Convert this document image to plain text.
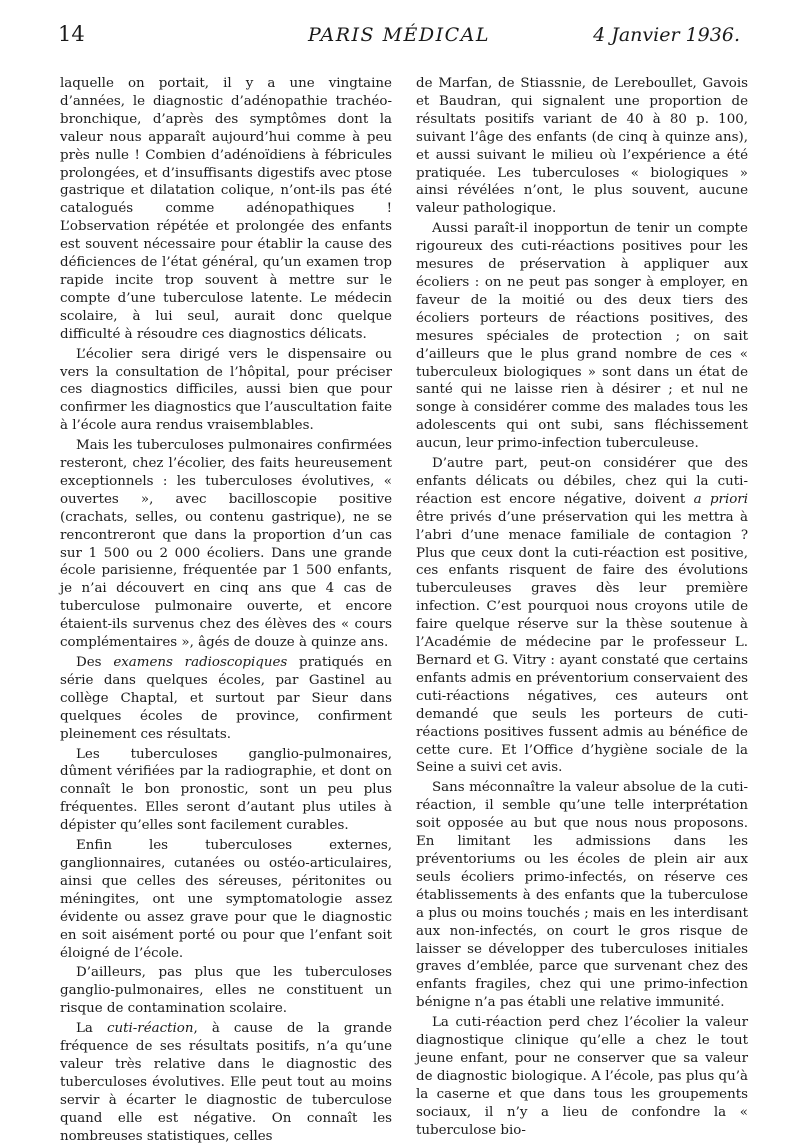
14	PARIS MÉDICAL	4 Janvier 1936.

laquelle on portait, il y a une vingtaine d’années, le diagnostic d’adénopathie trachéo-bronchique, d’après des symptômes dont la valeur nous apparaît aujourd’hui comme à peu près nulle ! Combien d’adénoïdiens à fébricules prolongées, et d’insuffisants digestifs avec ptose gastrique et dilatation colique, n’ont-ils pas été catalogués comme adénopathiques ! L’observation répétée et prolongée des enfants est souvent nécessaire pour établir la cause des déficiences de l’état général, qu’un examen trop rapide incite trop souvent à mettre sur le compte d’une tuberculose latente. Le médecin scolaire, à lui seul, aurait donc quelque difficulté à résoudre ces diagnostics délicats.

L’écolier sera dirigé vers le dispensaire ou vers la consultation de l’hôpital, pour préciser ces diagnostics difficiles, aussi bien que pour confirmer les diagnostics que l’auscultation faite à l’école aura rendus vraisemblables.

Mais les tuberculoses pulmonaires confirmées resteront, chez l’écolier, des faits heureusement exceptionnels : les tuberculoses évolutives, « ouvertes », avec bacilloscopie positive (crachats, selles, ou contenu gastrique), ne se rencontreront que dans la proportion d’un cas sur 1 500 ou 2 000 écoliers. Dans une grande école parisienne, fréquentée par 1 500 enfants, je n’ai découvert en cinq ans que 4 cas de tuberculose pulmonaire ouverte, et encore étaient-ils survenus chez des élèves des « cours complémentaires », âgés de douze à quinze ans.

Des examens radioscopiques pratiqués en série dans quelques écoles, par Gastinel au collège Chaptal, et surtout par Sieur dans quelques écoles de province, confirment pleinement ces résultats.

Les tuberculoses ganglio-pulmonaires, dûment vérifiées par la radiographie, et dont on connaît le bon pronostic, sont un peu plus fréquentes. Elles seront d’autant plus utiles à dépister qu’elles sont facilement curables.

Enfin les tuberculoses externes, ganglionnaires, cutanées ou ostéo-articulaires, ainsi que celles des séreuses, péritonites ou méningites, ont une symptomatologie assez évidente ou assez grave pour que le diagnostic en soit aisément porté ou pour que l’enfant soit éloigné de l’école.

D’ailleurs, pas plus que les tuberculoses ganglio-pulmonaires, elles ne constituent un risque de contamination scolaire.

La cuti-réaction, à cause de la grande fréquence de ses résultats positifs, n’a qu’une valeur très relative dans le diagnostic des tuberculoses évolutives. Elle peut tout au moins servir à écarter le diagnostic de tuberculose quand elle est négative. On connaît les nombreuses statistiques, celles

de Marfan, de Stiassnie, de Lereboullet, Gavois et Baudran, qui signalent une proportion de résultats positifs variant de 40 à 80 p. 100, suivant l’âge des enfants (de cinq à quinze ans), et aussi suivant le milieu où l’expérience a été pratiquée. Les tuberculoses « biologiques » ainsi révélées n’ont, le plus souvent, aucune valeur pathologique.

Aussi paraît-il inopportun de tenir un compte rigoureux des cuti-réactions positives pour les mesures de préservation à appliquer aux écoliers : on ne peut pas songer à employer, en faveur de la moitié ou des deux tiers des écoliers porteurs de réactions positives, des mesures spéciales de protection ; on sait d’ailleurs que le plus grand nombre de ces « tuberculeux biologiques » sont dans un état de santé qui ne laisse rien à désirer ; et nul ne songe à considérer comme des malades tous les adolescents qui ont subi, sans fléchissement aucun, leur primo-infection tuberculeuse.

D’autre part, peut-on considérer que des enfants délicats ou débiles, chez qui la cuti-réaction est encore négative, doivent a priori être privés d’une préservation qui les mettra à l’abri d’une menace familiale de contagion ? Plus que ceux dont la cuti-réaction est positive, ces enfants risquent de faire des évolutions tuberculeuses graves dès leur première infection. C’est pourquoi nous croyons utile de faire quelque réserve sur la thèse soutenue à l’Académie de médecine par le professeur L. Bernard et G. Vitry : ayant constaté que certains enfants admis en préventorium conservaient des cuti-réactions négatives, ces auteurs ont demandé que seuls les porteurs de cuti-réactions positives fussent admis au bénéfice de cette cure. Et l’Office d’hygiène sociale de la Seine a suivi cet avis.

Sans méconnaître la valeur absolue de la cuti-réaction, il semble qu’une telle interprétation soit opposée au but que nous nous proposons. En limitant les admissions dans les préventoriums ou les écoles de plein air aux seuls écoliers primo-infectés, on réserve ces établissements à des enfants que la tuberculose a plus ou moins touchés ; mais en les interdisant aux non-infectés, on court le gros risque de laisser se développer des tuberculoses initiales graves d’emblée, parce que survenant chez des enfants fragiles, chez qui une primo-infection bénigne n’a pas établi une relative immunité.

La cuti-réaction perd chez l’écolier la valeur diagnostique clinique qu’elle a chez le tout jeune enfant, pour ne conserver que sa valeur de diagnostic biologique. A l’école, pas plus qu’à la caserne et que dans tous les groupements sociaux, il n’y a lieu de confondre la « tuberculose bio-
